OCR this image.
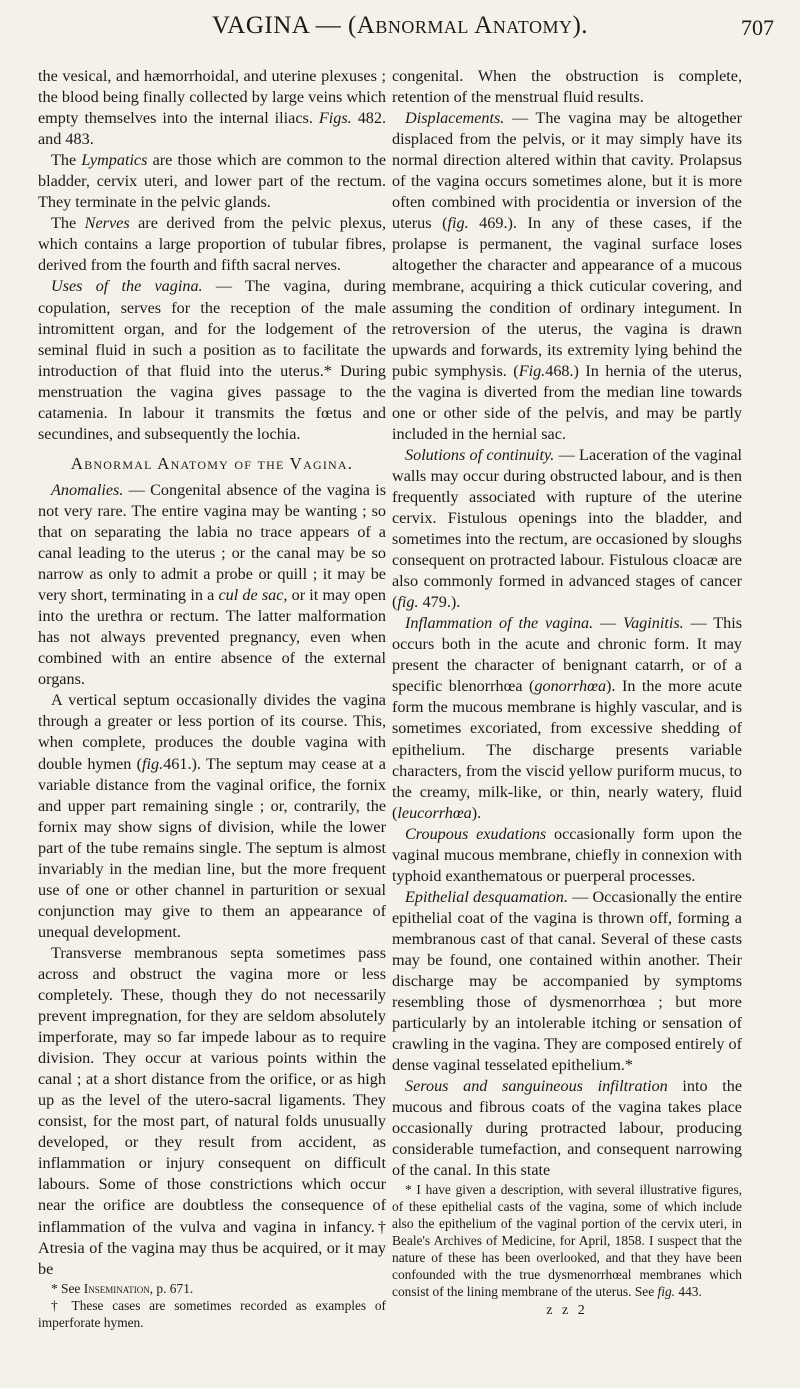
VAGINA — (Abnormal Anatomy).	707

the vesical, and hæmorrhoidal, and uterine plexuses ; the blood being finally collected by large veins which empty themselves into the internal iliacs. Figs. 482. and 483.

The Lympatics are those which are common to the bladder, cervix uteri, and lower part of the rectum. They terminate in the pelvic glands.

The Nerves are derived from the pelvic plexus, which contains a large proportion of tubular fibres, derived from the fourth and fifth sacral nerves.

Uses of the vagina. — The vagina, during copulation, serves for the reception of the male intromittent organ, and for the lodgement of the seminal fluid in such a position as to facilitate the introduction of that fluid into the uterus.* During menstruation the vagina gives passage to the catamenia. In labour it transmits the fœtus and secundines, and subsequently the lochia.

Abnormal Anatomy of the Vagina.

Anomalies. — Congenital absence of the vagina is not very rare. The entire vagina may be wanting ; so that on separating the labia no trace appears of a canal leading to the uterus ; or the canal may be so narrow as only to admit a probe or quill ; it may be very short, terminating in a cul de sac, or it may open into the urethra or rectum. The latter malformation has not always prevented pregnancy, even when combined with an entire absence of the external organs.

A vertical septum occasionally divides the vagina through a greater or less portion of its course. This, when complete, produces the double vagina with double hymen (fig.461.). The septum may cease at a variable distance from the vaginal orifice, the fornix and upper part remaining single ; or, contrarily, the fornix may show signs of division, while the lower part of the tube remains single. The septum is almost invariably in the median line, but the more frequent use of one or other channel in parturition or sexual conjunction may give to them an appearance of unequal development.

Transverse membranous septa sometimes pass across and obstruct the vagina more or less completely. These, though they do not necessarily prevent impregnation, for they are seldom absolutely imperforate, may so far impede labour as to require division. They occur at various points within the canal ; at a short distance from the orifice, or as high up as the level of the utero-sacral ligaments. They consist, for the most part, of natural folds unusually developed, or they result from accident, as inflammation or injury consequent on difficult labours. Some of those constrictions which occur near the orifice are doubtless the consequence of inflammation of the vulva and vagina in infancy.† Atresia of the vagina may thus be acquired, or it may be

* See Insemination, p. 671.

† These cases are sometimes recorded as examples of imperforate hymen.

congenital. When the obstruction is complete, retention of the menstrual fluid results.

Displacements. — The vagina may be altogether displaced from the pelvis, or it may simply have its normal direction altered within that cavity. Prolapsus of the vagina occurs sometimes alone, but it is more often combined with procidentia or inversion of the uterus (fig. 469.). In any of these cases, if the prolapse is permanent, the vaginal surface loses altogether the character and appearance of a mucous membrane, acquiring a thick cuticular covering, and assuming the condition of ordinary integument. In retroversion of the uterus, the vagina is drawn upwards and forwards, its extremity lying behind the pubic symphysis. (Fig.468.) In hernia of the uterus, the vagina is diverted from the median line towards one or other side of the pelvis, and may be partly included in the hernial sac.

Solutions of continuity. — Laceration of the vaginal walls may occur during obstructed labour, and is then frequently associated with rupture of the uterine cervix. Fistulous openings into the bladder, and sometimes into the rectum, are occasioned by sloughs consequent on protracted labour. Fistulous cloacæ are also commonly formed in advanced stages of cancer (fig. 479.).

Inflammation of the vagina. — Vaginitis. — This occurs both in the acute and chronic form. It may present the character of benignant catarrh, or of a specific blenorrhœa (gonorrhœa). In the more acute form the mucous membrane is highly vascular, and is sometimes excoriated, from excessive shedding of epithelium. The discharge presents variable characters, from the viscid yellow puriform mucus, to the creamy, milk-like, or thin, nearly watery, fluid (leucorrhœa).

Croupous exudations occasionally form upon the vaginal mucous membrane, chiefly in connexion with typhoid exanthematous or puerperal processes.

Epithelial desquamation. — Occasionally the entire epithelial coat of the vagina is thrown off, forming a membranous cast of that canal. Several of these casts may be found, one contained within another. Their discharge may be accompanied by symptoms resembling those of dysmenorrhœa ; but more particularly by an intolerable itching or sensation of crawling in the vagina. They are composed entirely of dense vaginal tesselated epithelium.*

Serous and sanguineous infiltration into the mucous and fibrous coats of the vagina takes place occasionally during protracted labour, producing considerable tumefaction, and consequent narrowing of the canal. In this state

* I have given a description, with several illustrative figures, of these epithelial casts of the vagina, some of which include also the epithelium of the vaginal portion of the cervix uteri, in Beale's Archives of Medicine, for April, 1858. I suspect that the nature of these has been overlooked, and that they have been confounded with the true dysmenorrhœal membranes which consist of the lining membrane of the uterus. See fig. 443.

z z 2
